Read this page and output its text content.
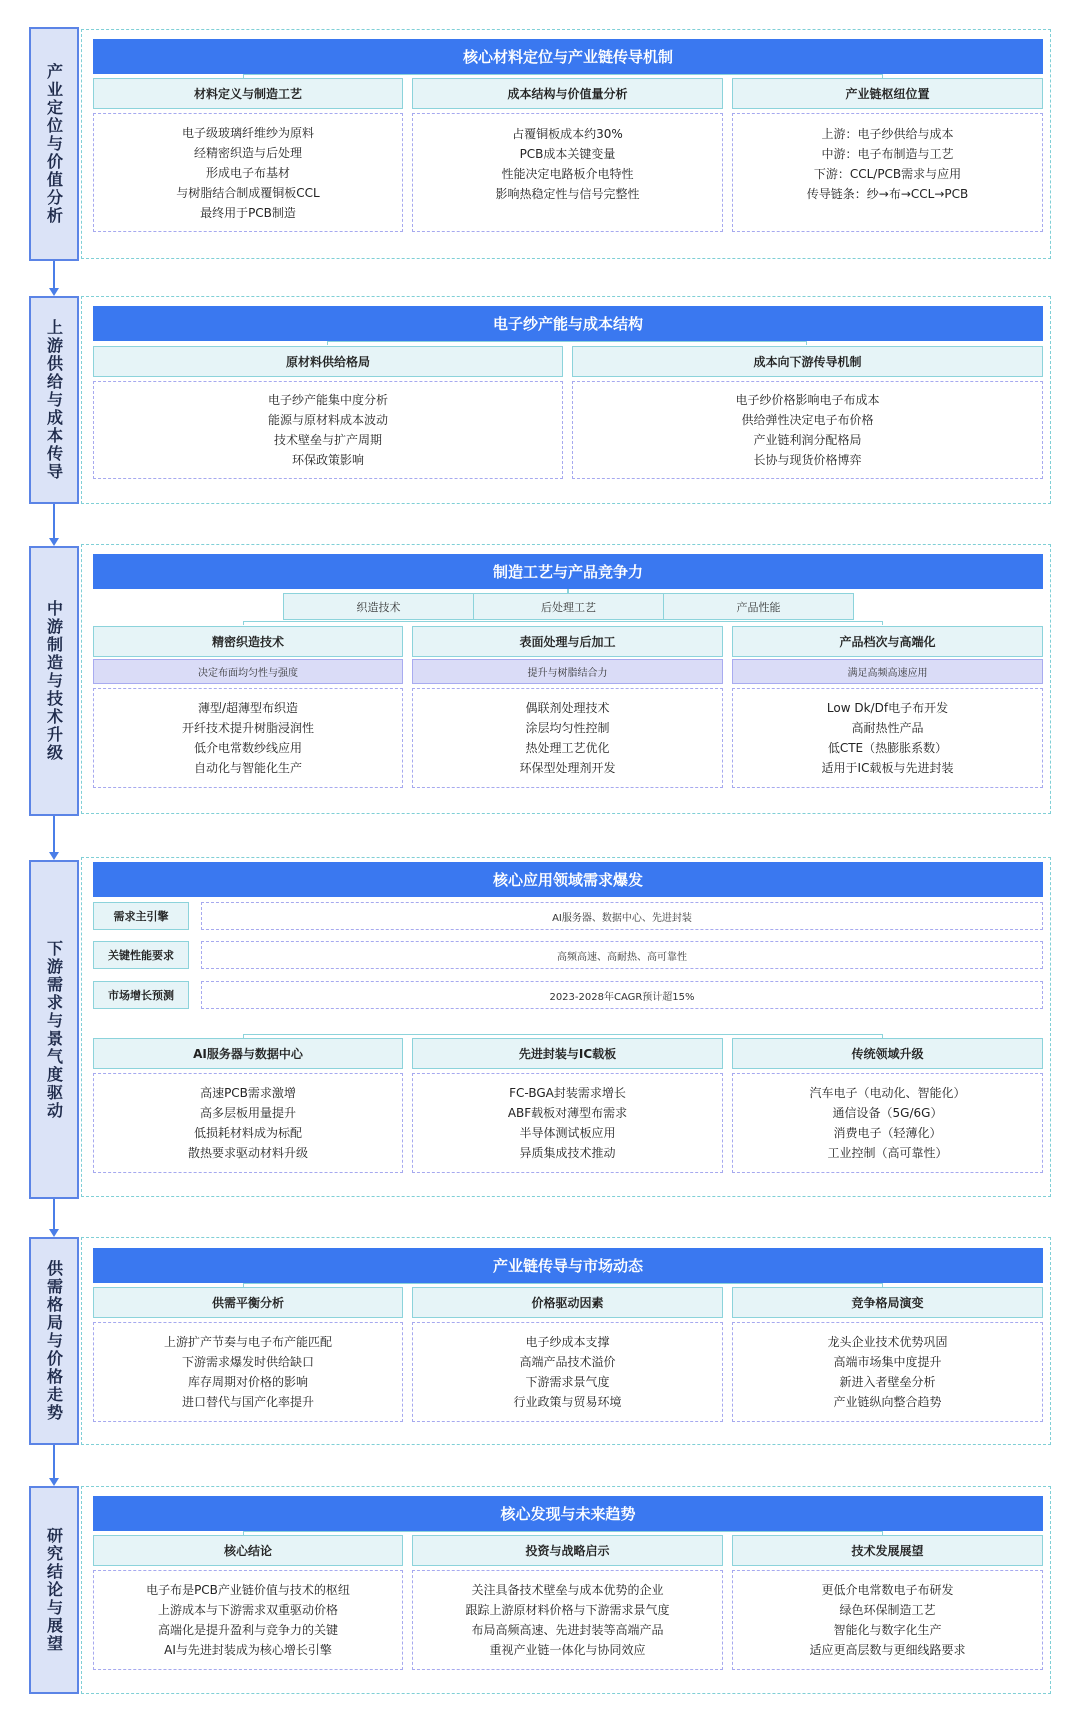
产业定位与价值分析
核心材料定位与产业链传导机制
材料定义与制造工艺	成本结构与价值量分析	产业链枢纽位置
电子级玻璃纤维纱为原料
经精密织造与后处理
形成电子布基材
与树脂结合制成覆铜板CCL
最终用于PCB制造
占覆铜板成本约30%
PCB成本关键变量
性能决定电路板介电特性
影响热稳定性与信号完整性
上游：电子纱供给与成本
中游：电子布制造与工艺
下游：CCL/PCB需求与应用
传导链条：纱→布→CCL→PCB
上游供给与成本传导	电子纱产能与成本结构
原材料供给格局	成本向下游传导机制
电子纱产能集中度分析
能源与原材料成本波动
技术壁垒与扩产周期
环保政策影响
电子纱价格影响电子布成本
供给弹性决定电子布价格
产业链利润分配格局
长协与现货价格博弈
中游制造与技术升级
制造工艺与产品竞争力
织造技术	后处理工艺	产品性能
精密织造技术	表面处理与后加工	产品档次与高端化
决定布面均匀性与强度	提升与树脂结合力	满足高频高速应用
薄型/超薄型布织造
开纤技术提升树脂浸润性
低介电常数纱线应用
自动化与智能化生产
偶联剂处理技术
涂层均匀性控制
热处理工艺优化
环保型处理剂开发
Low Dk/Df电子布开发
高耐热性产品
低CTE（热膨胀系数）
适用于IC载板与先进封装
下游需求与景气度驱动
核心应用领域需求爆发
需求主引擎	AI服务器、数据中心、先进封装
关键性能要求	高频高速、高耐热、高可靠性
市场增长预测	2023-2028年CAGR预计超15%
AI服务器与数据中心	先进封装与IC载板	传统领域升级
高速PCB需求激增
高多层板用量提升
低损耗材料成为标配
散热要求驱动材料升级
FC-BGA封装需求增长
ABF载板对薄型布需求
半导体测试板应用
异质集成技术推动
汽车电子（电动化、智能化）
通信设备（5G/6G）
消费电子（轻薄化）
工业控制（高可靠性）
供需格局与价格走势	产业链传导与市场动态
供需平衡分析	价格驱动因素	竞争格局演变
上游扩产节奏与电子布产能匹配
下游需求爆发时供给缺口
库存周期对价格的影响
进口替代与国产化率提升
电子纱成本支撑
高端产品技术溢价
下游需求景气度
行业政策与贸易环境
龙头企业技术优势巩固
高端市场集中度提升
新进入者壁垒分析
产业链纵向整合趋势
研究结论与展望
核心发现与未来趋势
核心结论	投资与战略启示	技术发展展望
电子布是PCB产业链价值与技术的枢纽
上游成本与下游需求双重驱动价格
高端化是提升盈利与竞争力的关键
AI与先进封装成为核心增长引擎
关注具备技术壁垒与成本优势的企业
跟踪上游原材料价格与下游需求景气度
布局高频高速、先进封装等高端产品
重视产业链一体化与协同效应
更低介电常数电子布研发
绿色环保制造工艺
智能化与数字化生产
适应更高层数与更细线路要求
